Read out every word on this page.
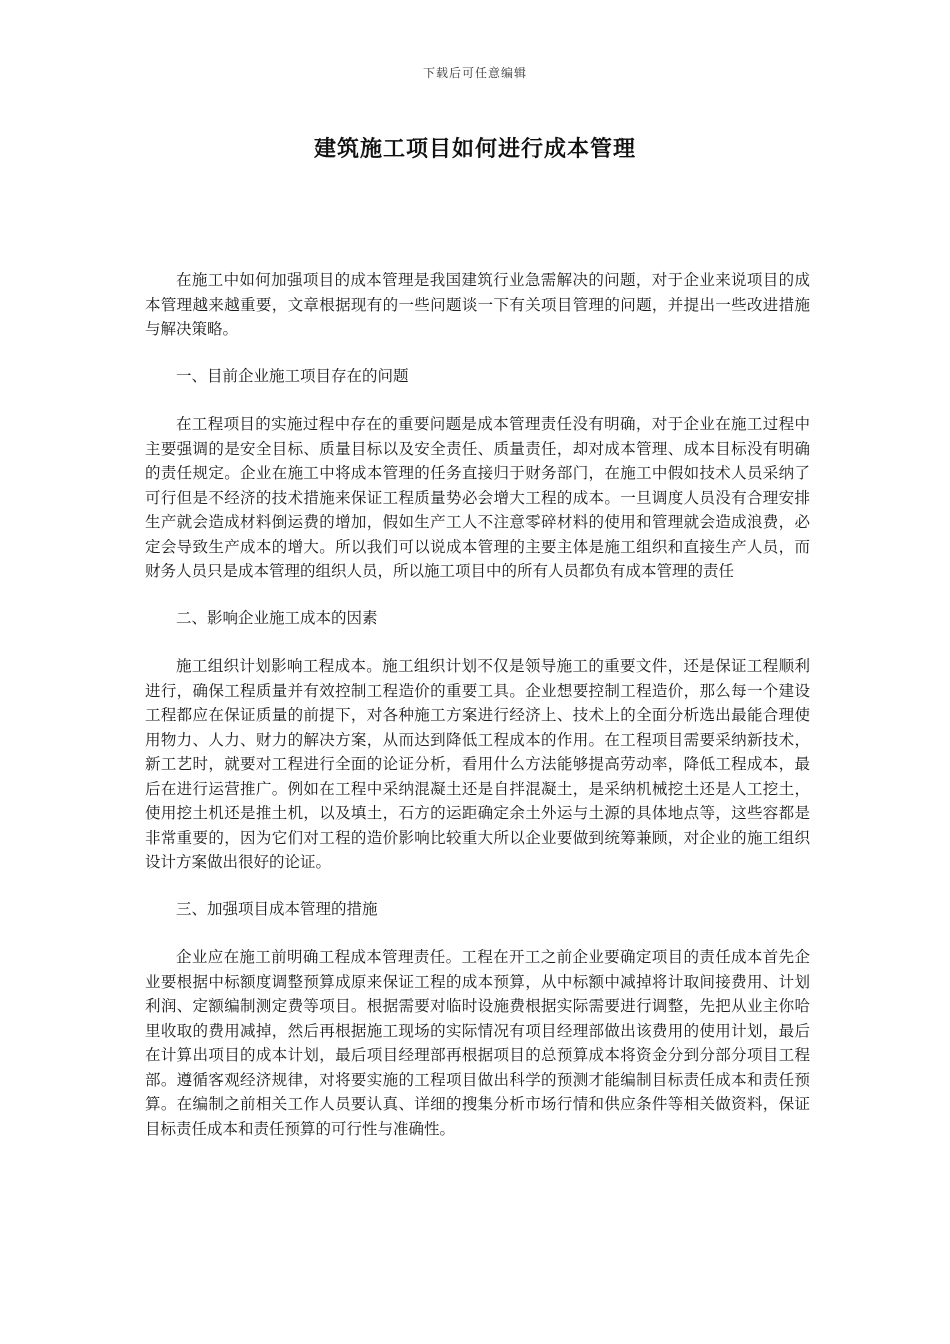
下载后可任意编辑
建筑施工项目如何进行成本管理

在施工中如何加强项目的成本管理是我国建筑行业急需解决的问题，对于企业来说项目的成本管理越来越重要，文章根据现有的一些问题谈一下有关项目管理的问题，并提出一些改进措施与解决策略。

一、目前企业施工项目存在的问题

在工程项目的实施过程中存在的重要问题是成本管理责任没有明确，对于企业在施工过程中主要强调的是安全目标、质量目标以及安全责任、质量责任，却对成本管理、成本目标没有明确的责任规定。企业在施工中将成本管理的任务直接归于财务部门，在施工中假如技术人员采纳了可行但是不经济的技术措施来保证工程质量势必会增大工程的成本。一旦调度人员没有合理安排生产就会造成材料倒运费的增加，假如生产工人不注意零碎材料的使用和管理就会造成浪费，必定会导致生产成本的增大。所以我们可以说成本管理的主要主体是施工组织和直接生产人员，而财务人员只是成本管理的组织人员，所以施工项目中的所有人员都负有成本管理的责任

二、影响企业施工成本的因素

施工组织计划影响工程成本。施工组织计划不仅是领导施工的重要文件，还是保证工程顺利进行，确保工程质量并有效控制工程造价的重要工具。企业想要控制工程造价，那么每一个建设工程都应在保证质量的前提下，对各种施工方案进行经济上、技术上的全面分析选出最能合理使用物力、人力、财力的解决方案，从而达到降低工程成本的作用。在工程项目需要采纳新技术，新工艺时，就要对工程进行全面的论证分析，看用什么方法能够提高劳动率，降低工程成本，最后在进行运营推广。例如在工程中采纳混凝土还是自拌混凝土，是采纳机械挖土还是人工挖土，使用挖土机还是推土机，以及填土，石方的运距确定余土外运与土源的具体地点等，这些容都是非常重要的，因为它们对工程的造价影响比较重大所以企业要做到统筹兼顾，对企业的施工组织设计方案做出很好的论证。

三、加强项目成本管理的措施

企业应在施工前明确工程成本管理责任。工程在开工之前企业要确定项目的责任成本首先企业要根据中标额度调整预算成原来保证工程的成本预算，从中标额中减掉将计取间接费用、计划利润、定额编制测定费等项目。根据需要对临时设施费根据实际需要进行调整，先把从业主你哈里收取的费用减掉，然后再根据施工现场的实际情况有项目经理部做出该费用的使用计划，最后在计算出项目的成本计划，最后项目经理部再根据项目的总预算成本将资金分到分部分项目工程部。遵循客观经济规律，对将要实施的工程项目做出科学的预测才能编制目标责任成本和责任预算。在编制之前相关工作人员要认真、详细的搜集分析市场行情和供应条件等相关做资料，保证目标责任成本和责任预算的可行性与准确性。
